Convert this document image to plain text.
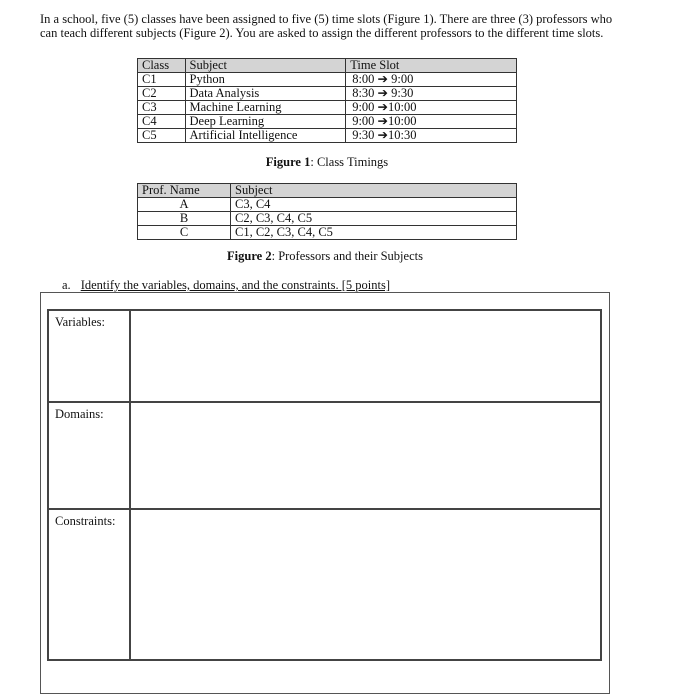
In a school, five (5) classes have been assigned to five (5) time slots (Figure 1). There are three (3) professors who can teach different subjects (Figure 2). You are asked to assign the different professors to the different time slots.

Class	Subject	Time Slot
C1	Python	8:00 ➔ 9:00
C2	Data Analysis	8:30 ➔ 9:30
C3	Machine Learning	9:00 ➔10:00
C4	Deep Learning	9:00 ➔10:00
C5	Artificial Intelligence	9:30 ➔10:30
Figure 1: Class Timings
Prof. Name	Subject
A	C3, C4
B	C2, C3, C4, C5
C	C1, C2, C3, C4, C5
Figure 2: Professors and their Subjects
a. Identify the variables, domains, and the constraints. [5 points]
Variables:
Domains:
Constraints:
